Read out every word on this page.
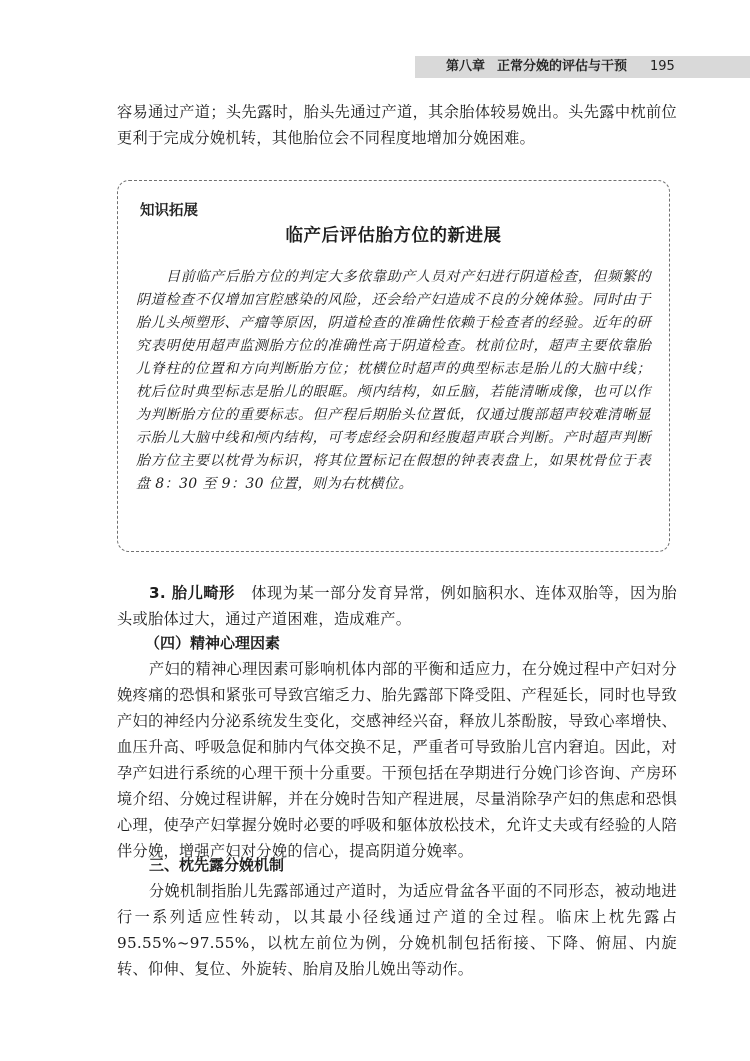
第八章 正常分娩的评估与干预 195

容易通过产道；头先露时，胎头先通过产道，其余胎体较易娩出。头先露中枕前位更利于完成分娩机转，其他胎位会不同程度地增加分娩困难。

知识拓展

临产后评估胎方位的新进展

目前临产后胎方位的判定大多依靠助产人员对产妇进行阴道检查，但频繁的阴道检查不仅增加宫腔感染的风险，还会给产妇造成不良的分娩体验。同时由于胎儿头颅塑形、产瘤等原因，阴道检查的准确性依赖于检查者的经验。近年的研究表明使用超声监测胎方位的准确性高于阴道检查。枕前位时，超声主要依靠胎儿脊柱的位置和方向判断胎方位；枕横位时超声的典型标志是胎儿的大脑中线；枕后位时典型标志是胎儿的眼眶。颅内结构，如丘脑，若能清晰成像，也可以作为判断胎方位的重要标志。但产程后期胎头位置低，仅通过腹部超声较难清晰显示胎儿大脑中线和颅内结构，可考虑经会阴和经腹超声联合判断。产时超声判断胎方位主要以枕骨为标识，将其位置标记在假想的钟表表盘上，如果枕骨位于表盘 8：30 至 9：30 位置，则为右枕横位。

3. 胎儿畸形 体现为某一部分发育异常，例如脑积水、连体双胎等，因为胎头或胎体过大，通过产道困难，造成难产。

（四）精神心理因素

产妇的精神心理因素可影响机体内部的平衡和适应力，在分娩过程中产妇对分娩疼痛的恐惧和紧张可导致宫缩乏力、胎先露部下降受阻、产程延长，同时也导致产妇的神经内分泌系统发生变化，交感神经兴奋，释放儿茶酚胺，导致心率增快、血压升高、呼吸急促和肺内气体交换不足，严重者可导致胎儿宫内窘迫。因此，对孕产妇进行系统的心理干预十分重要。干预包括在孕期进行分娩门诊咨询、产房环境介绍、分娩过程讲解，并在分娩时告知产程进展，尽量消除孕产妇的焦虑和恐惧心理，使孕产妇掌握分娩时必要的呼吸和躯体放松技术，允许丈夫或有经验的人陪伴分娩，增强产妇对分娩的信心，提高阴道分娩率。

三、枕先露分娩机制

分娩机制指胎儿先露部通过产道时，为适应骨盆各平面的不同形态，被动地进行一系列适应性转动，以其最小径线通过产道的全过程。临床上枕先露占 95.55%~97.55%，以枕左前位为例，分娩机制包括衔接、下降、俯屈、内旋转、仰伸、复位、外旋转、胎肩及胎儿娩出等动作。
